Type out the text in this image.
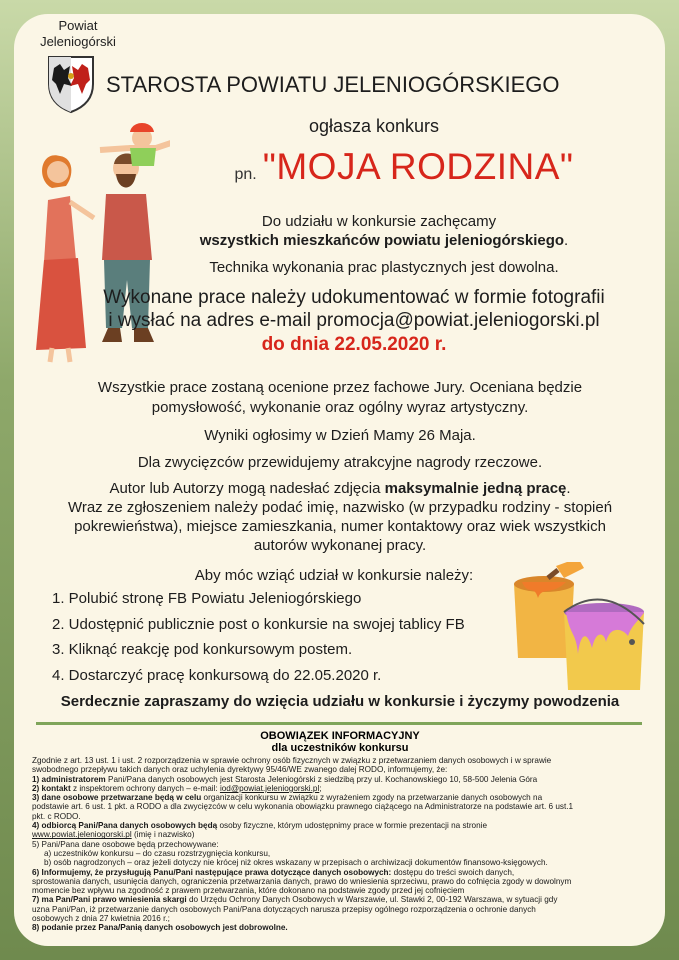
Powiat
Jeleniogórski
STAROSTA POWIATU JELENIOGÓRSKIEGO
ogłasza konkurs
pn. "MOJA RODZINA"
Do udziału w konkursie zachęcamy
wszystkich mieszkańców powiatu jeleniogórskiego.
Technika wykonania prac plastycznych jest dowolna.
Wykonane prace należy udokumentować w formie fotografii
i wysłać na adres e-mail promocja@powiat.jeleniogorski.pl
do dnia 22.05.2020 r.
Wszystkie prace zostaną ocenione przez fachowe Jury. Oceniana będzie
pomysłowość, wykonanie oraz ogólny wyraz artystyczny.
Wyniki ogłosimy w Dzień Mamy 26 Maja.
Dla zwycięzców przewidujemy atrakcyjne nagrody rzeczowe.
Autor lub Autorzy mogą nadesłać zdjęcia maksymalnie jedną pracę.
Wraz ze zgłoszeniem należy podać imię, nazwisko (w przypadku rodziny - stopień
pokrewieństwa), miejsce zamieszkania, numer kontaktowy oraz wiek wszystkich
autorów wykonanej pracy.
Aby móc wziąć udział w konkursie należy:
1. Polubić stronę FB Powiatu Jeleniogórskiego
2. Udostępnić publicznie post o konkursie na swojej tablicy FB
3. Kliknąć reakcję pod konkursowym postem.
4. Dostarczyć pracę konkursową do 22.05.2020 r.
Serdecznie zapraszamy do wzięcia udziału w konkursie i życzymy powodzenia
OBOWIĄZEK INFORMACYJNY
dla uczestników konkursu
Zgodnie z art. 13 ust. 1 i ust. 2 rozporządzenia w sprawie ochrony osób fizycznych w związku z przetwarzaniem danych osobowych i w sprawie
swobodnego przepływu takich danych oraz uchylenia dyrektywy 95/46/WE zwanego dalej RODO, informujemy, że:
1) administratorem Pani/Pana danych osobowych jest Starosta Jeleniogórski z siedzibą przy ul. Kochanowskiego 10, 58-500 Jelenia Góra
2) kontakt z inspektorem ochrony danych – e-mail: iod@powiat.jeleniogorski.pl;
3) dane osobowe przetwarzane będą w celu organizacji konkursu w związku z wyrażeniem zgody na przetwarzanie danych osobowych na
podstawie art. 6 ust. 1 pkt. a RODO a dla zwycięzców w celu wykonania obowiązku prawnego ciążącego na Administratorze na podstawie art. 6 ust.1
pkt. c RODO.
4) odbiorcą Pani/Pana danych osobowych będą osoby fizyczne, którym udostępnimy prace w formie prezentacji na stronie
www.powiat.jeleniogorski.pl (imię i nazwisko)
5) Pani/Pana dane osobowe będą przechowywane:
a) uczestników konkursu – do czasu rozstrzygnięcia konkursu,
b) osób nagrodzonych – oraz jeżeli dotyczy nie krócej niż okres wskazany w przepisach o archiwizacji dokumentów finansowo-księgowych.
6) Informujemy, że przysługują Panu/Pani następujące prawa dotyczące danych osobowych: dostępu do treści swoich danych,
sprostowania danych, usunięcia danych, ograniczenia przetwarzania danych, prawo do wniesienia sprzeciwu, prawo do cofnięcia zgody w dowolnym
momencie bez wpływu na zgodność z prawem przetwarzania, które dokonano na podstawie zgody przed jej cofnięciem
7) ma Pan/Pani prawo wniesienia skargi do Urzędu Ochrony Danych Osobowych w Warszawie, ul. Stawki 2, 00-192 Warszawa, w sytuacji gdy
uzna Pani/Pan, iż przetwarzanie danych osobowych Pani/Pana dotyczących narusza przepisy ogólnego rozporządzenia o ochronie danych
osobowych z dnia 27 kwietnia 2016 r.;
8) podanie przez Pana/Panią danych osobowych jest dobrowolne.
